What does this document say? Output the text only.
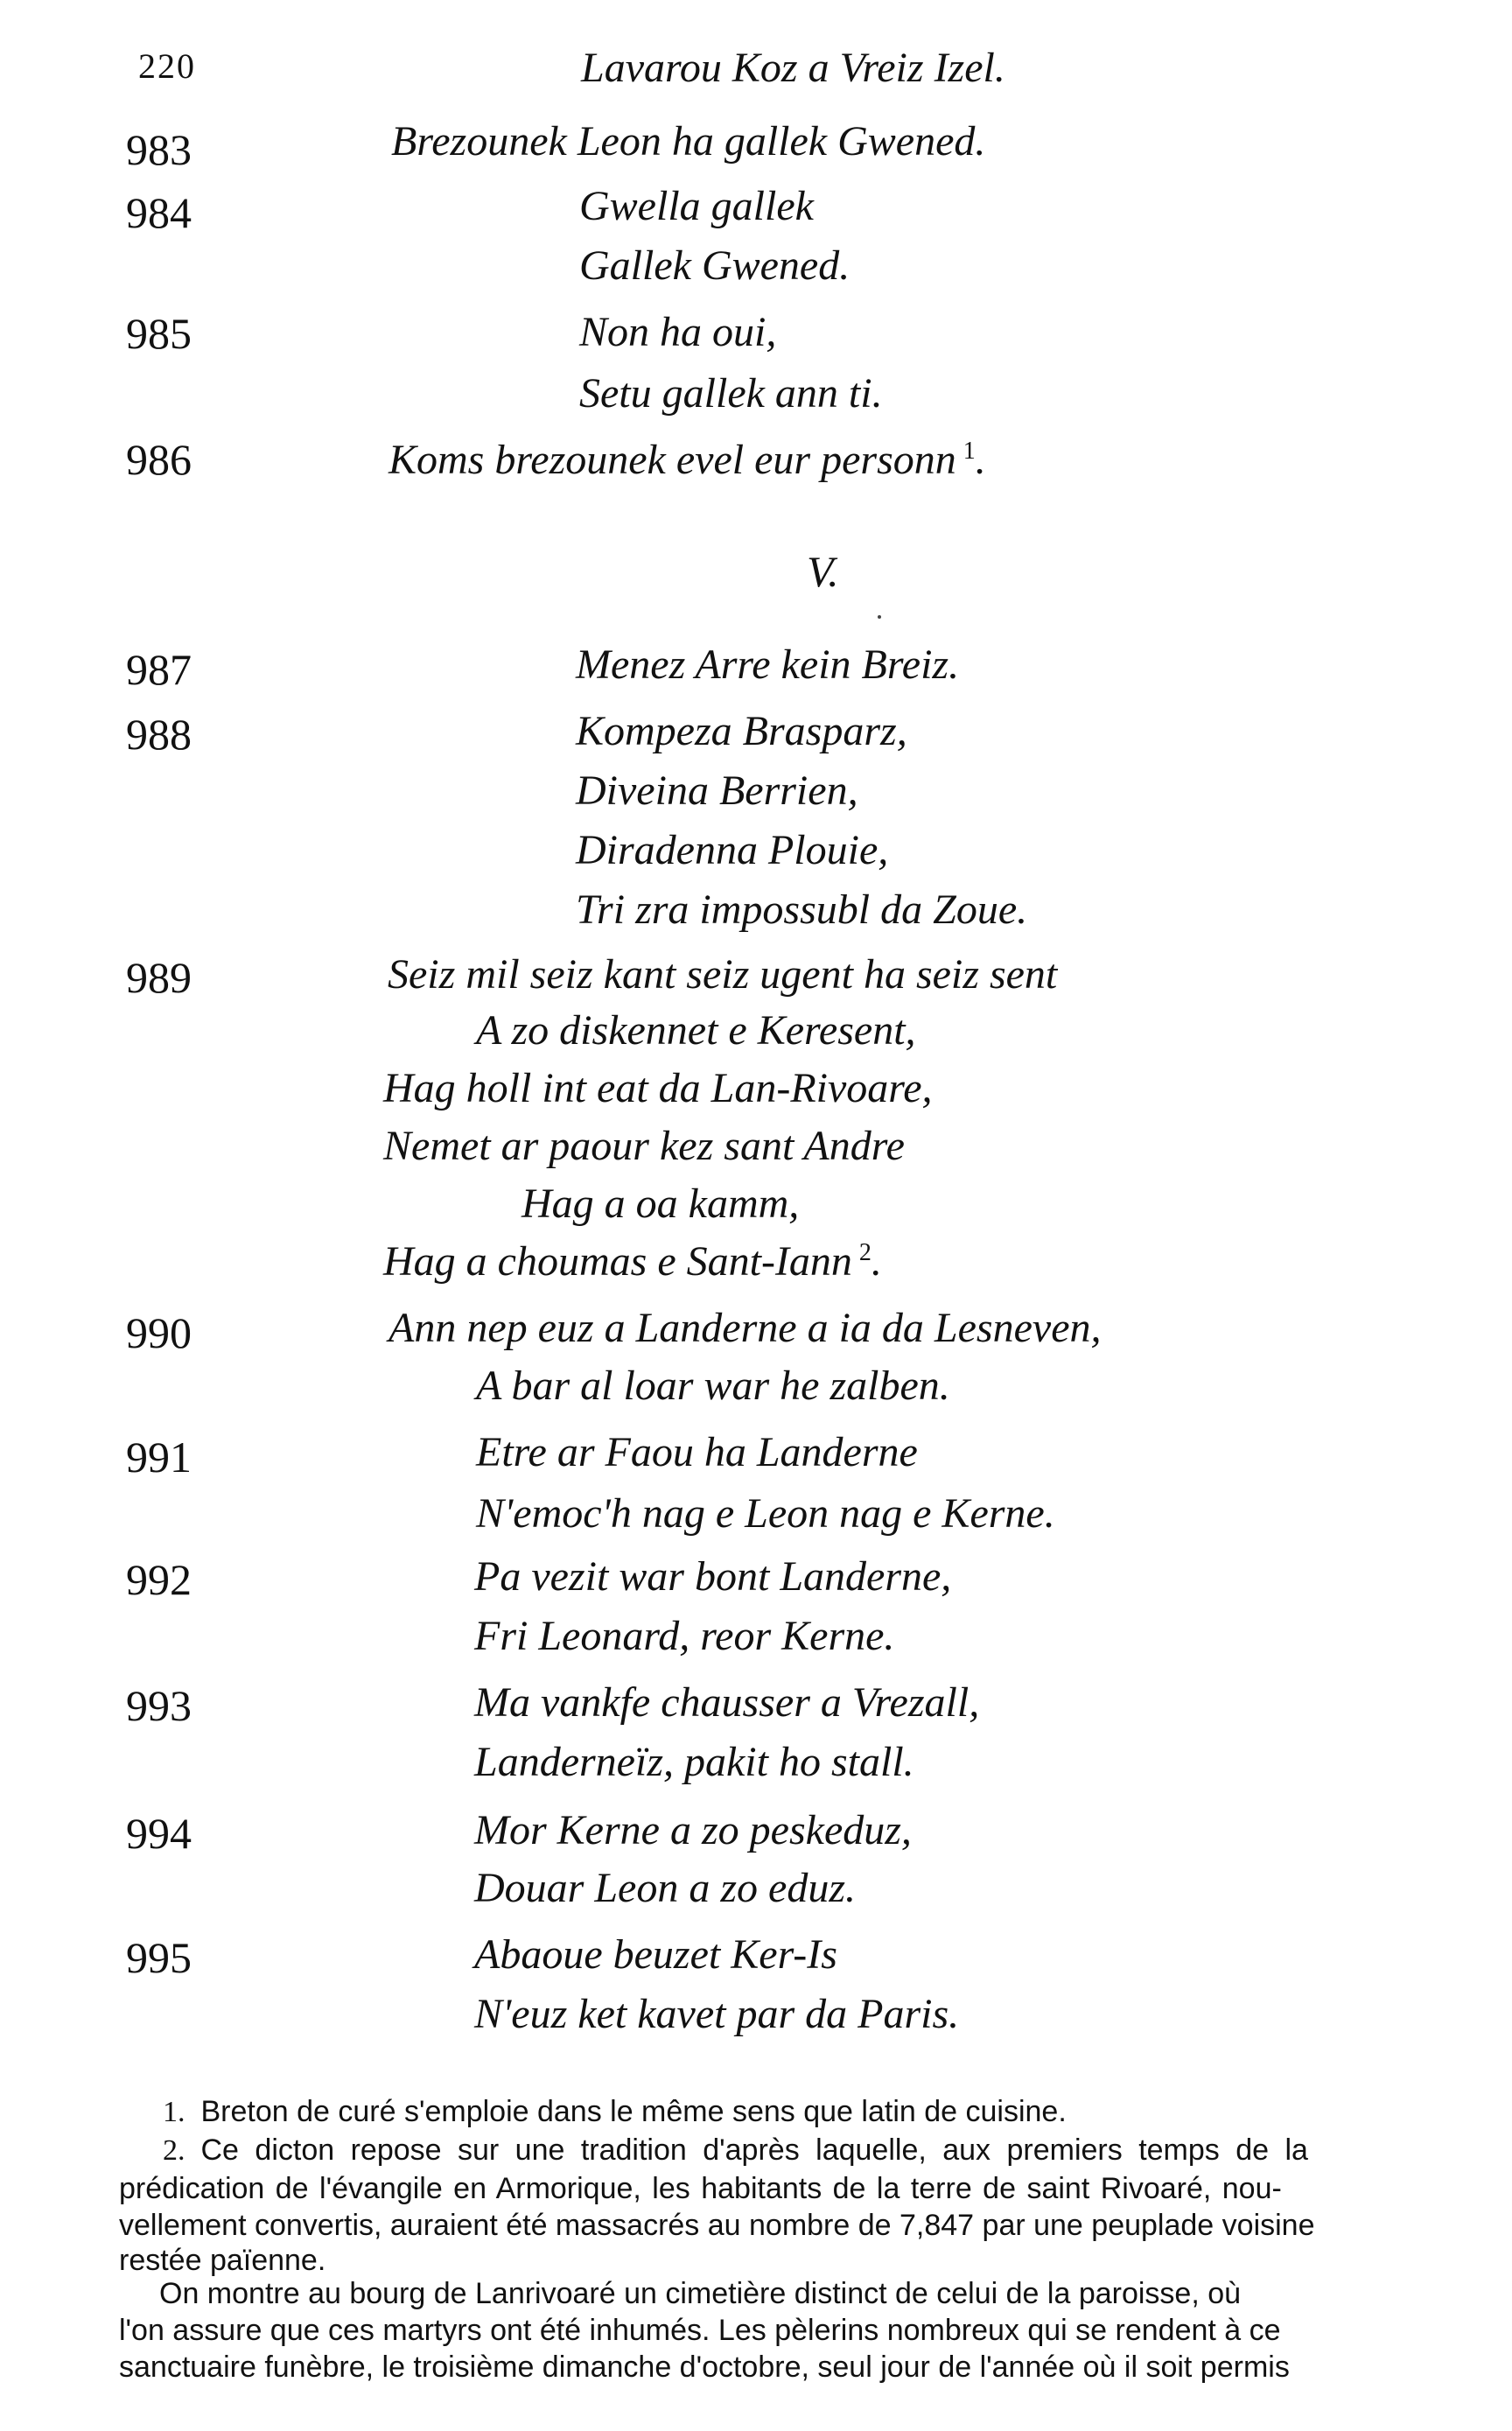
220	Lavarou Koz a Vreiz Izel.

983	Brezounek Leon ha gallek Gwened.

984	Gwella gallek

Gallek Gwened.

985	Non ha oui,

Setu gallek ann ti.

986	Koms brezounek evel eur personn $^1$.

V.

987	Menez Arre kein Breiz.

988	Kompeza Brasparz,

Diveina Berrien,

Diradenna Plouie,

Tri zra impossubl da Zoue.

989	Seiz mil seiz kant seiz ugent ha seiz sent

A zo diskennet e Keresent,

Hag holl int eat da Lan-Rivoare,

Nemet ar paour kez sant Andre

Hag a oa kamm,

Hag a choumas e Sant-Iann $^2$.

990	Ann nep euz a Landerne a ia da Lesneven,

A bar al loar war he zalben.

991	Etre ar Faou ha Landerne

N'emoc'h nag e Leon nag e Kerne.

992	Pa vezit war bont Landerne,

Fri Leonard, reor Kerne.

993	Ma vankfe chausser a Vrezall,

Landerneïz, pakit ho stall.

994	Mor Kerne a zo peskeduz,

Douar Leon a zo eduz.

995	Abaoue beuzet Ker-Is

N'euz ket kavet par da Paris.

1. Breton de curé s'emploie dans le même sens que latin de cuisine.

2. Ce dicton repose sur une tradition d'après laquelle, aux premiers temps de la

prédication de l'évangile en Armorique, les habitants de la terre de saint Rivoaré, nou-

vellement convertis, auraient été massacrés au nombre de 7,847 par une peuplade voisine

restée païenne.

On montre au bourg de Lanrivoaré un cimetière distinct de celui de la paroisse, où

l'on assure que ces martyrs ont été inhumés. Les pèlerins nombreux qui se rendent à ce

sanctuaire funèbre, le troisième dimanche d'octobre, seul jour de l'année où il soit permis
